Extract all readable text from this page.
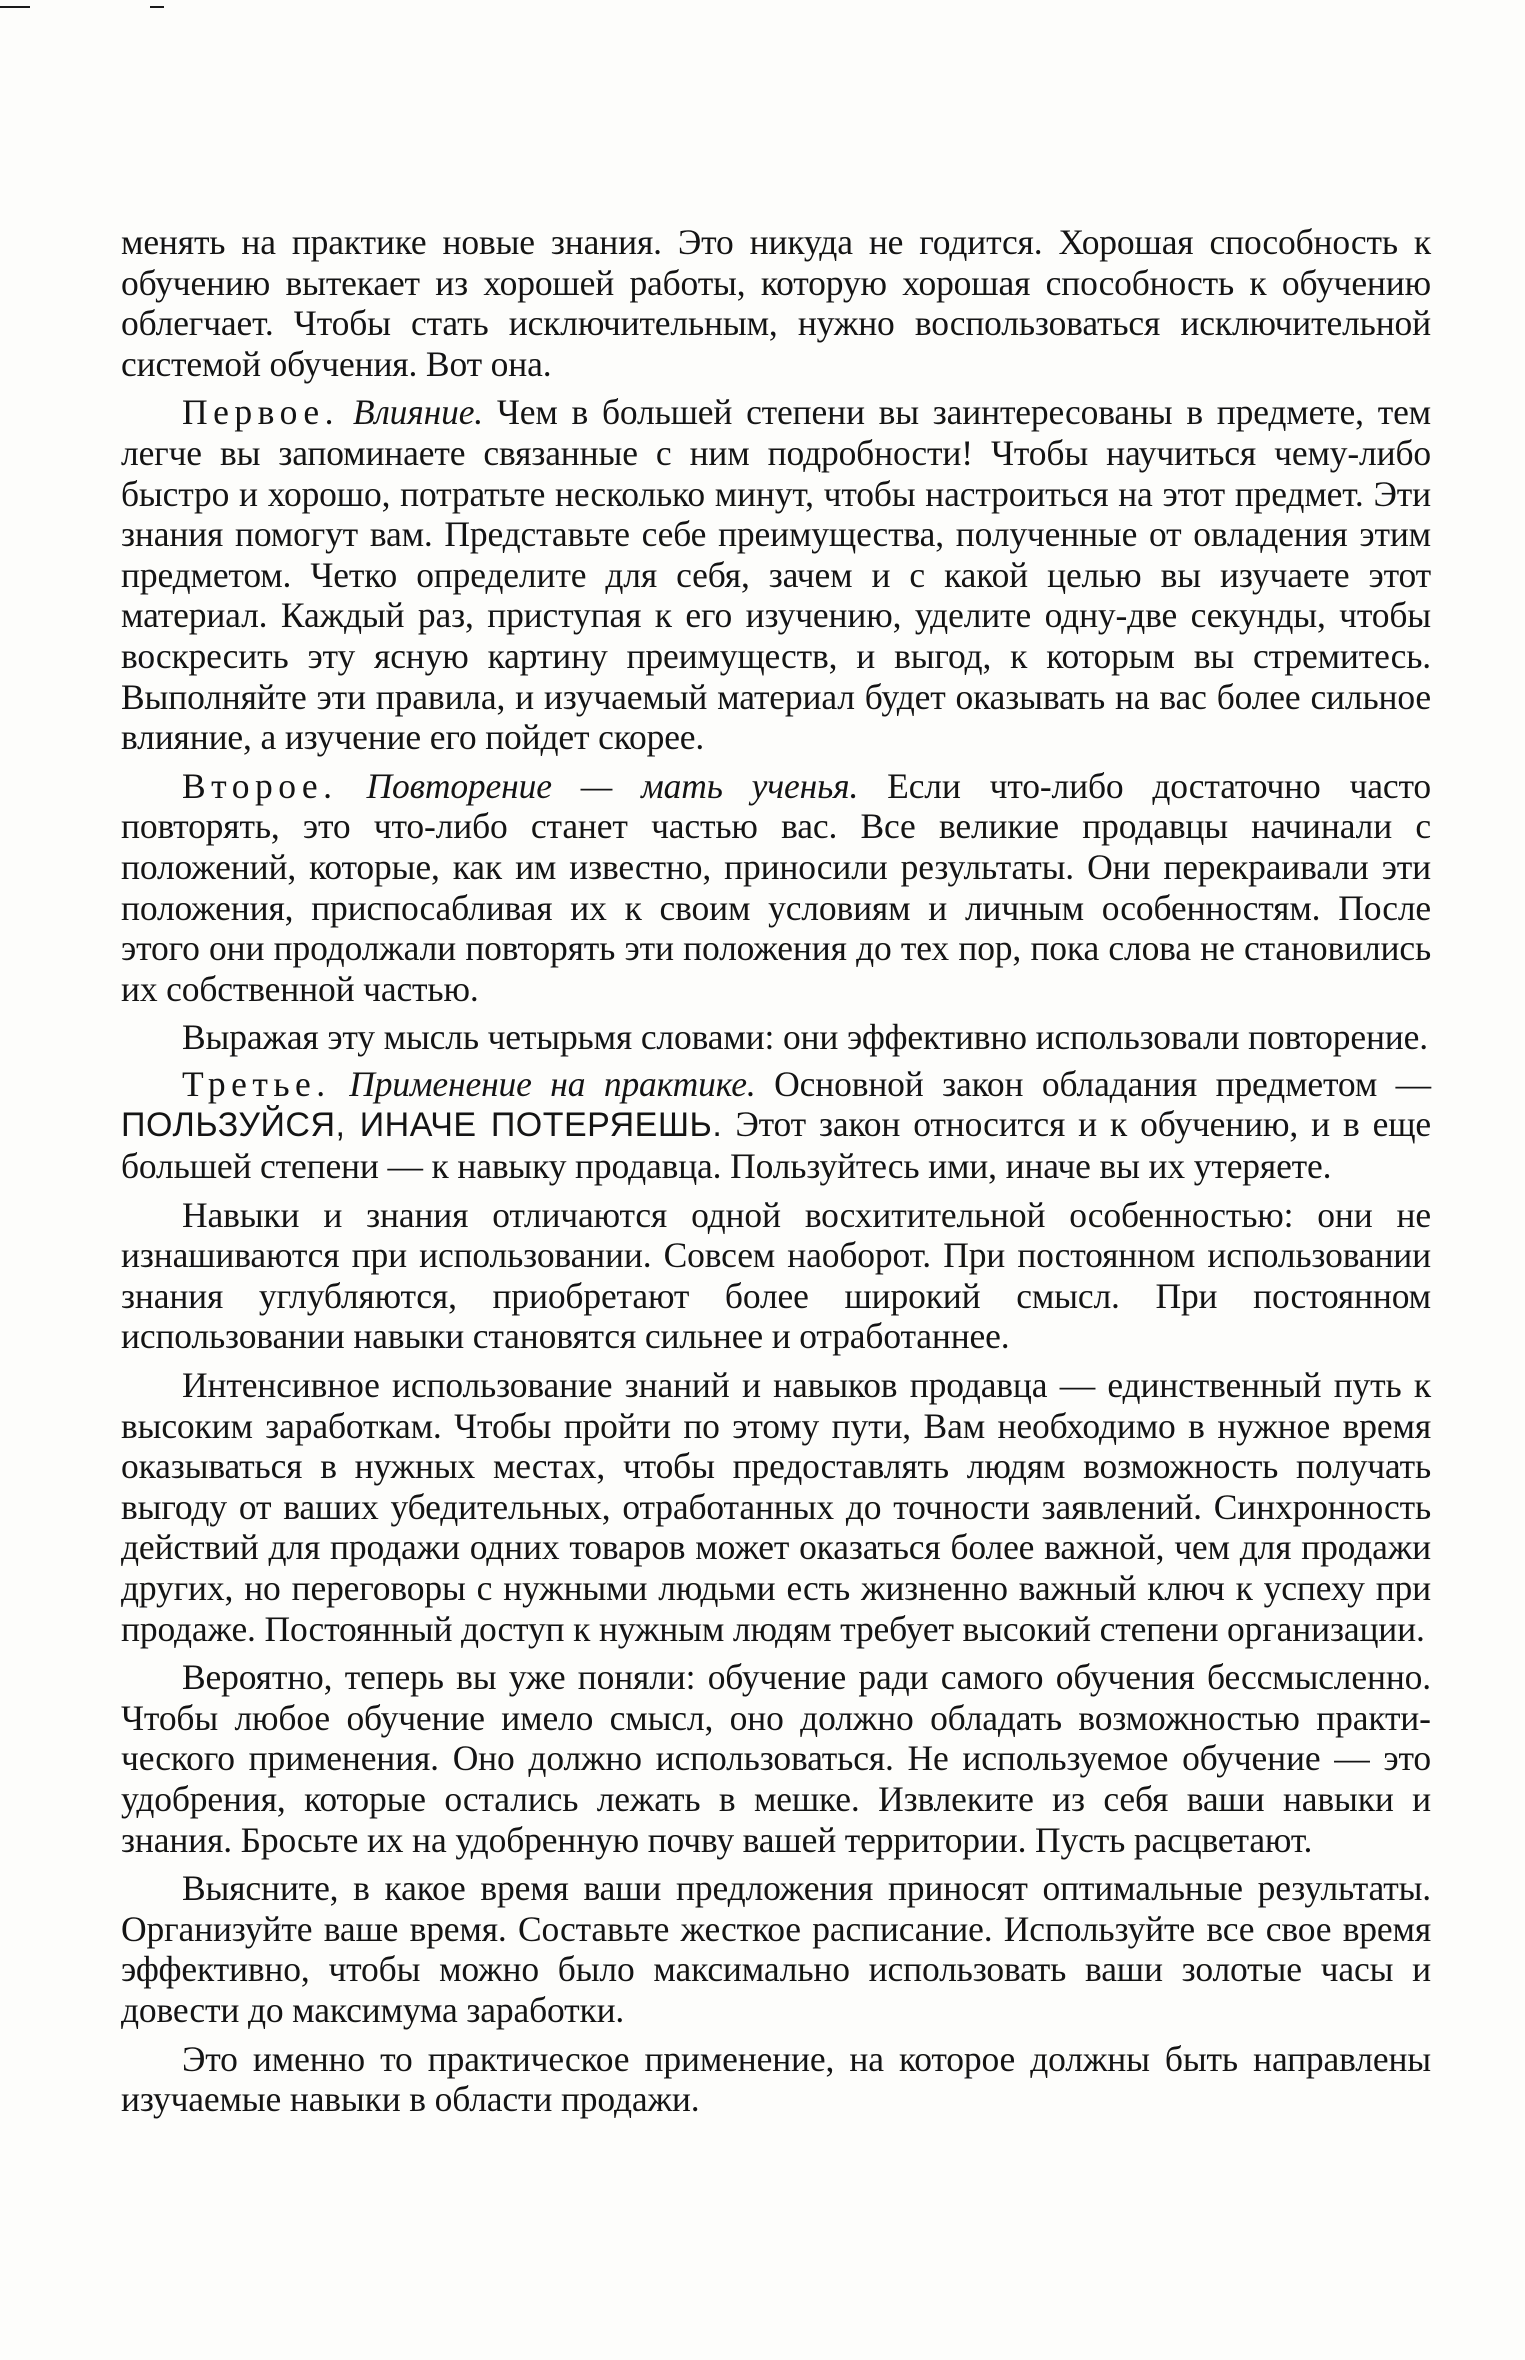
менять на практике новые знания. Это никуда не годится. Хорошая способность к обучению вытекает из хорошей работы, которую хорошая способность к обучению облегчает. Чтобы стать исключительным, нужно воспользоваться исключительной системой обучения. Вот она.

Первое. Влияние. Чем в большей степени вы заинтересованы в предмете, тем легче вы запоминаете связанные с ним подробности! Чтобы научиться чему-либо быстро и хорошо, потратьте несколько минут, чтобы настроиться на этот предмет. Эти знания помогут вам. Представьте себе преимущества, полученные от овладения этим предметом. Четко определите для себя, зачем и с какой целью вы изучаете этот материал. Каждый раз, приступая к его изучению, уделите одну-две секунды, чтобы воскресить эту ясную картину преимуществ, и выгод, к которым вы стремитесь. Выполняйте эти правила, и изучаемый материал будет оказывать на вас более сильное влияние, а изучение его пойдет скорее.

Второе. Повторение — мать ученья. Если что-либо достаточно часто повторять, это что-либо станет частью вас. Все великие продавцы начинали с положений, которые, как им известно, приносили результаты. Они перекраивали эти положения, приспосабливая их к своим условиям и личным особенностям. После этого они продолжали повторять эти положения до тех пор, пока слова не становились их собственной частью.

Выражая эту мысль четырьмя словами: они эффективно использовали повторение.

Третье. Применение на практике. Основной закон обладания предметом — ПОЛЬЗУЙСЯ, ИНАЧЕ ПОТЕРЯЕШЬ. Этот закон относится и к обучению, и в еще большей степени — к навыку продавца. Пользуйтесь ими, иначе вы их утеряете.

Навыки и знания отличаются одной восхитительной особенностью: они не изнашиваются при использовании. Совсем наоборот. При постоянном использовании знания углубляются, приобретают более широкий смысл. При постоянном использовании навыки становятся сильнее и отработаннее.

Интенсивное использование знаний и навыков продавца — единственный путь к высоким заработкам. Чтобы пройти по этому пути, Вам необходимо в нужное время оказываться в нужных местах, чтобы предоставлять людям возможность получать выгоду от ваших убедительных, отработанных до точности заявлений. Синхронность действий для продажи одних товаров может оказаться более важной, чем для продажи других, но переговоры с нужными людьми есть жизненно важный ключ к успеху при продаже. Постоянный доступ к нужным людям требует высокий степени организации.

Вероятно, теперь вы уже поняли: обучение ради самого обучения бессмысленно. Чтобы любое обучение имело смысл, оно должно обладать возможностью практического применения. Оно должно использоваться. Не используемое обучение — это удобрения, которые остались лежать в мешке. Извлеките из себя ваши навыки и знания. Бросьте их на удобренную почву вашей территории. Пусть расцветают.

Выясните, в какое время ваши предложения приносят оптимальные результаты. Организуйте ваше время. Составьте жесткое расписание. Используйте все свое время эффективно, чтобы можно было максимально использовать ваши золотые часы и довести до максимума заработки.

Это именно то практическое применение, на которое должны быть направлены изучаемые навыки в области продажи.
